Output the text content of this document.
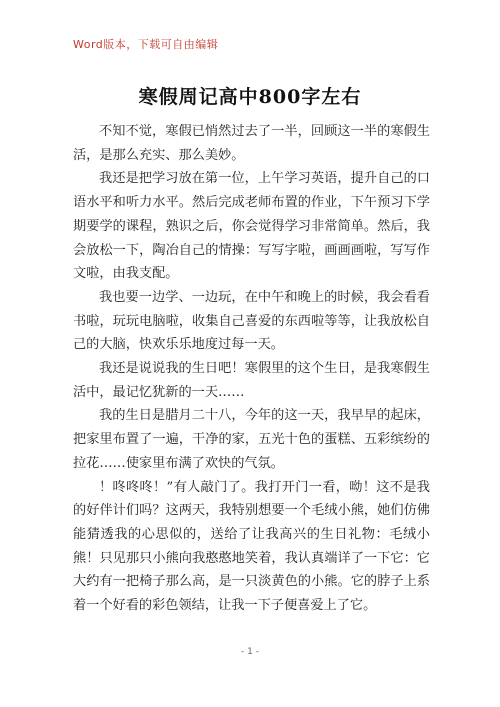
Word版本，下载可自由编辑
寒假周记高中800字左右

不知不觉，寒假已悄然过去了一半，回顾这一半的寒假生活，是那么充实、那么美妙。

我还是把学习放在第一位，上午学习英语，提升自己的口语水平和听力水平。然后完成老师布置的作业，下午预习下学期要学的课程，熟识之后，你会觉得学习非常简单。然后，我会放松一下，陶冶自己的情操：写写字啦，画画画啦，写写作文啦，由我支配。

我也要一边学、一边玩，在中午和晚上的时候，我会看看书啦，玩玩电脑啦，收集自己喜爱的东西啦等等，让我放松自己的大脑，快欢乐乐地度过每一天。

我还是说说我的生日吧！寒假里的这个生日，是我寒假生活中，最记忆犹新的一天……

我的生日是腊月二十八，今年的这一天，我早早的起床，把家里布置了一遍，干净的家，五光十色的蛋糕、五彩缤纷的拉花……使家里布满了欢快的气氛。

！咚咚咚！”有人敲门了。我打开门一看，呦！这不是我的好伴计们吗？这两天，我特别想要一个毛绒小熊，她们仿佛能猜透我的心思似的，送给了让我高兴的生日礼物：毛绒小熊！只见那只小熊向我憨憨地笑着，我认真端详了一下它：它大约有一把椅子那么高，是一只淡黄色的小熊。它的脖子上系着一个好看的彩色领结，让我一下子便喜爱上了它。

- 1 -
